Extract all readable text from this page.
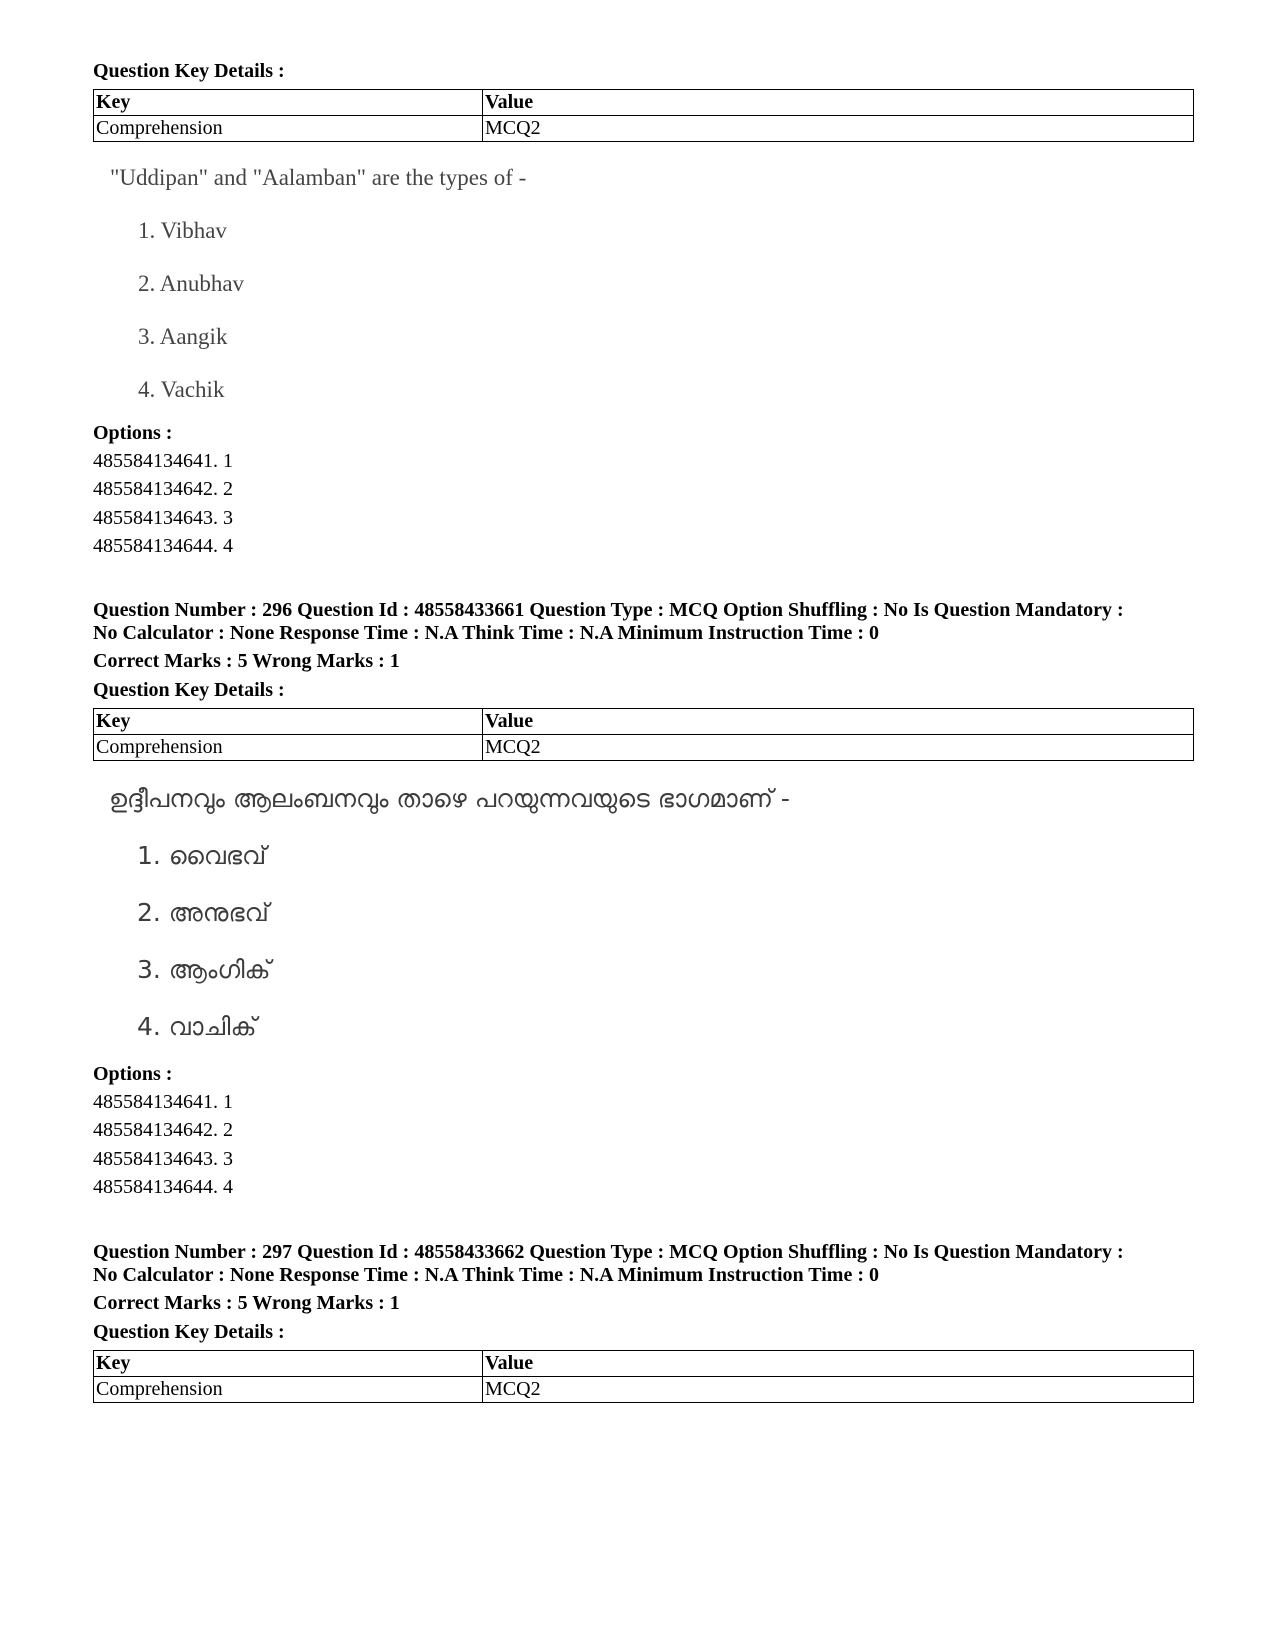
Question Key Details :
Key	Value
Comprehension	MCQ2
"Uddipan" and "Aalamban" are the types of -
1. Vibhav
2. Anubhav
3. Aangik
4. Vachik
Options :
485584134641. 1
485584134642. 2
485584134643. 3
485584134644. 4
Question Number : 296 Question Id : 48558433661 Question Type : MCQ Option Shuffling : No Is Question Mandatory :
No Calculator : None Response Time : N.A Think Time : N.A Minimum Instruction Time : 0
Correct Marks : 5 Wrong Marks : 1
Question Key Details :
Key	Value
Comprehension	MCQ2
ഉദ്ദീപനവും ആലംബനവും താഴെ പറയുന്നവയുടെ ഭാഗമാണ് -
1. വൈഭവ്
2. അനുഭവ്
3. ആംഗിക്
4. വാചിക്
Options :
485584134641. 1
485584134642. 2
485584134643. 3
485584134644. 4
Question Number : 297 Question Id : 48558433662 Question Type : MCQ Option Shuffling : No Is Question Mandatory :
No Calculator : None Response Time : N.A Think Time : N.A Minimum Instruction Time : 0
Correct Marks : 5 Wrong Marks : 1
Question Key Details :
Key	Value
Comprehension	MCQ2
